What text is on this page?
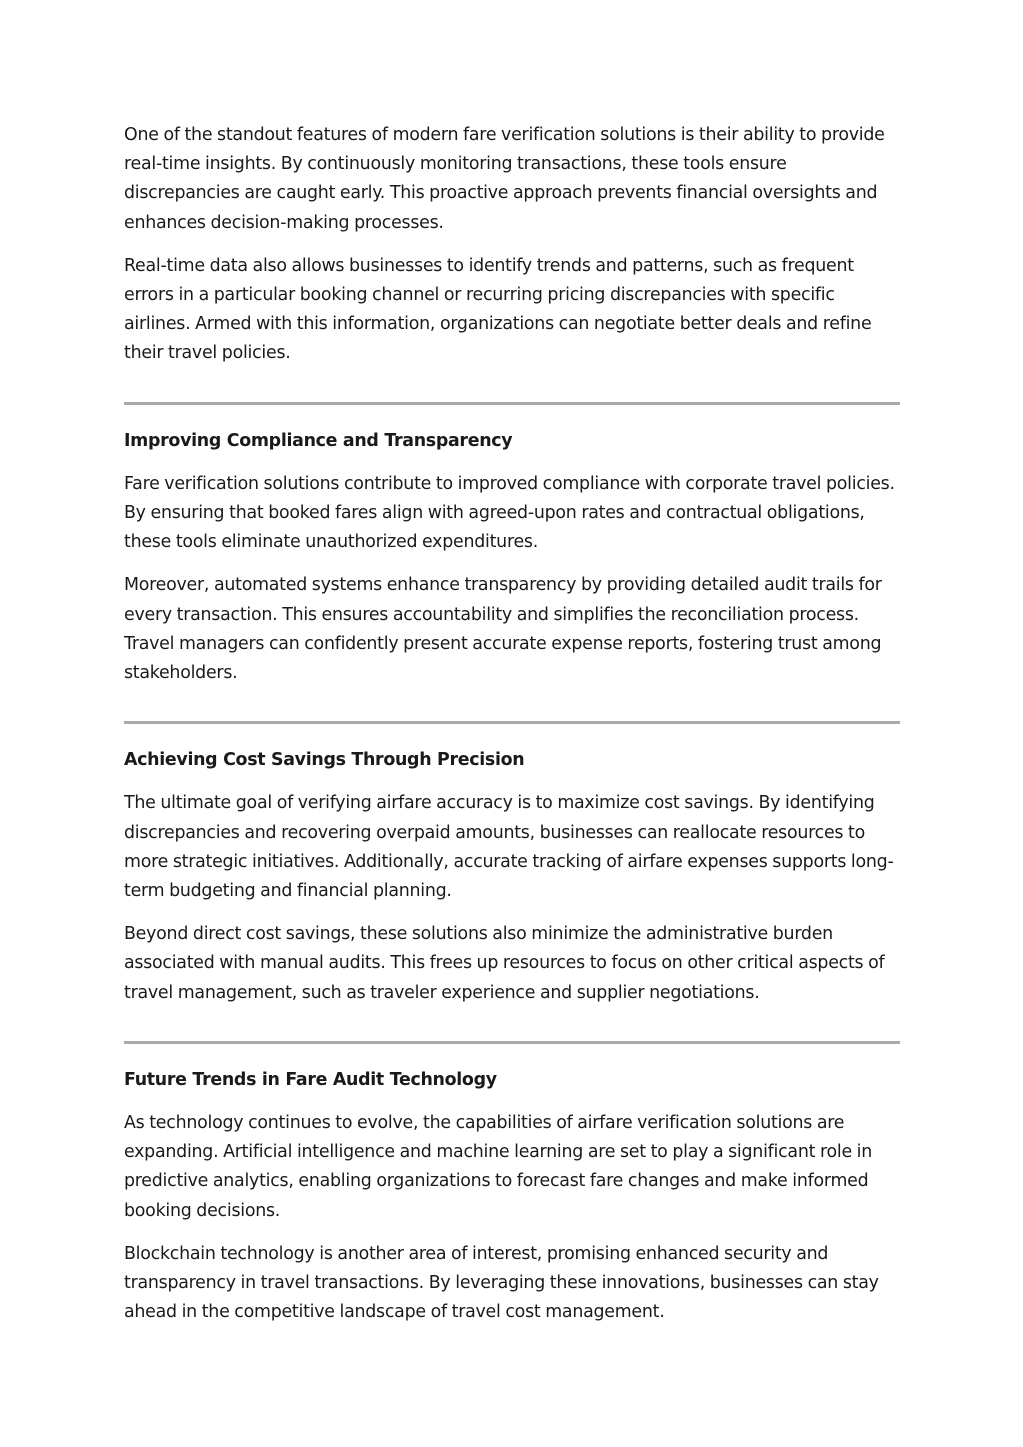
One of the standout features of modern fare verification solutions is their ability to provide real-time insights. By continuously monitoring transactions, these tools ensure discrepancies are caught early. This proactive approach prevents financial oversights and enhances decision-making processes.

Real-time data also allows businesses to identify trends and patterns, such as frequent errors in a particular booking channel or recurring pricing discrepancies with specific airlines. Armed with this information, organizations can negotiate better deals and refine their travel policies.

Improving Compliance and Transparency

Fare verification solutions contribute to improved compliance with corporate travel policies. By ensuring that booked fares align with agreed-upon rates and contractual obligations, these tools eliminate unauthorized expenditures.

Moreover, automated systems enhance transparency by providing detailed audit trails for every transaction. This ensures accountability and simplifies the reconciliation process. Travel managers can confidently present accurate expense reports, fostering trust among stakeholders.

Achieving Cost Savings Through Precision

The ultimate goal of verifying airfare accuracy is to maximize cost savings. By identifying discrepancies and recovering overpaid amounts, businesses can reallocate resources to more strategic initiatives. Additionally, accurate tracking of airfare expenses supports long-term budgeting and financial planning.

Beyond direct cost savings, these solutions also minimize the administrative burden associated with manual audits. This frees up resources to focus on other critical aspects of travel management, such as traveler experience and supplier negotiations.

Future Trends in Fare Audit Technology

As technology continues to evolve, the capabilities of airfare verification solutions are expanding. Artificial intelligence and machine learning are set to play a significant role in predictive analytics, enabling organizations to forecast fare changes and make informed booking decisions.

Blockchain technology is another area of interest, promising enhanced security and transparency in travel transactions. By leveraging these innovations, businesses can stay ahead in the competitive landscape of travel cost management.
